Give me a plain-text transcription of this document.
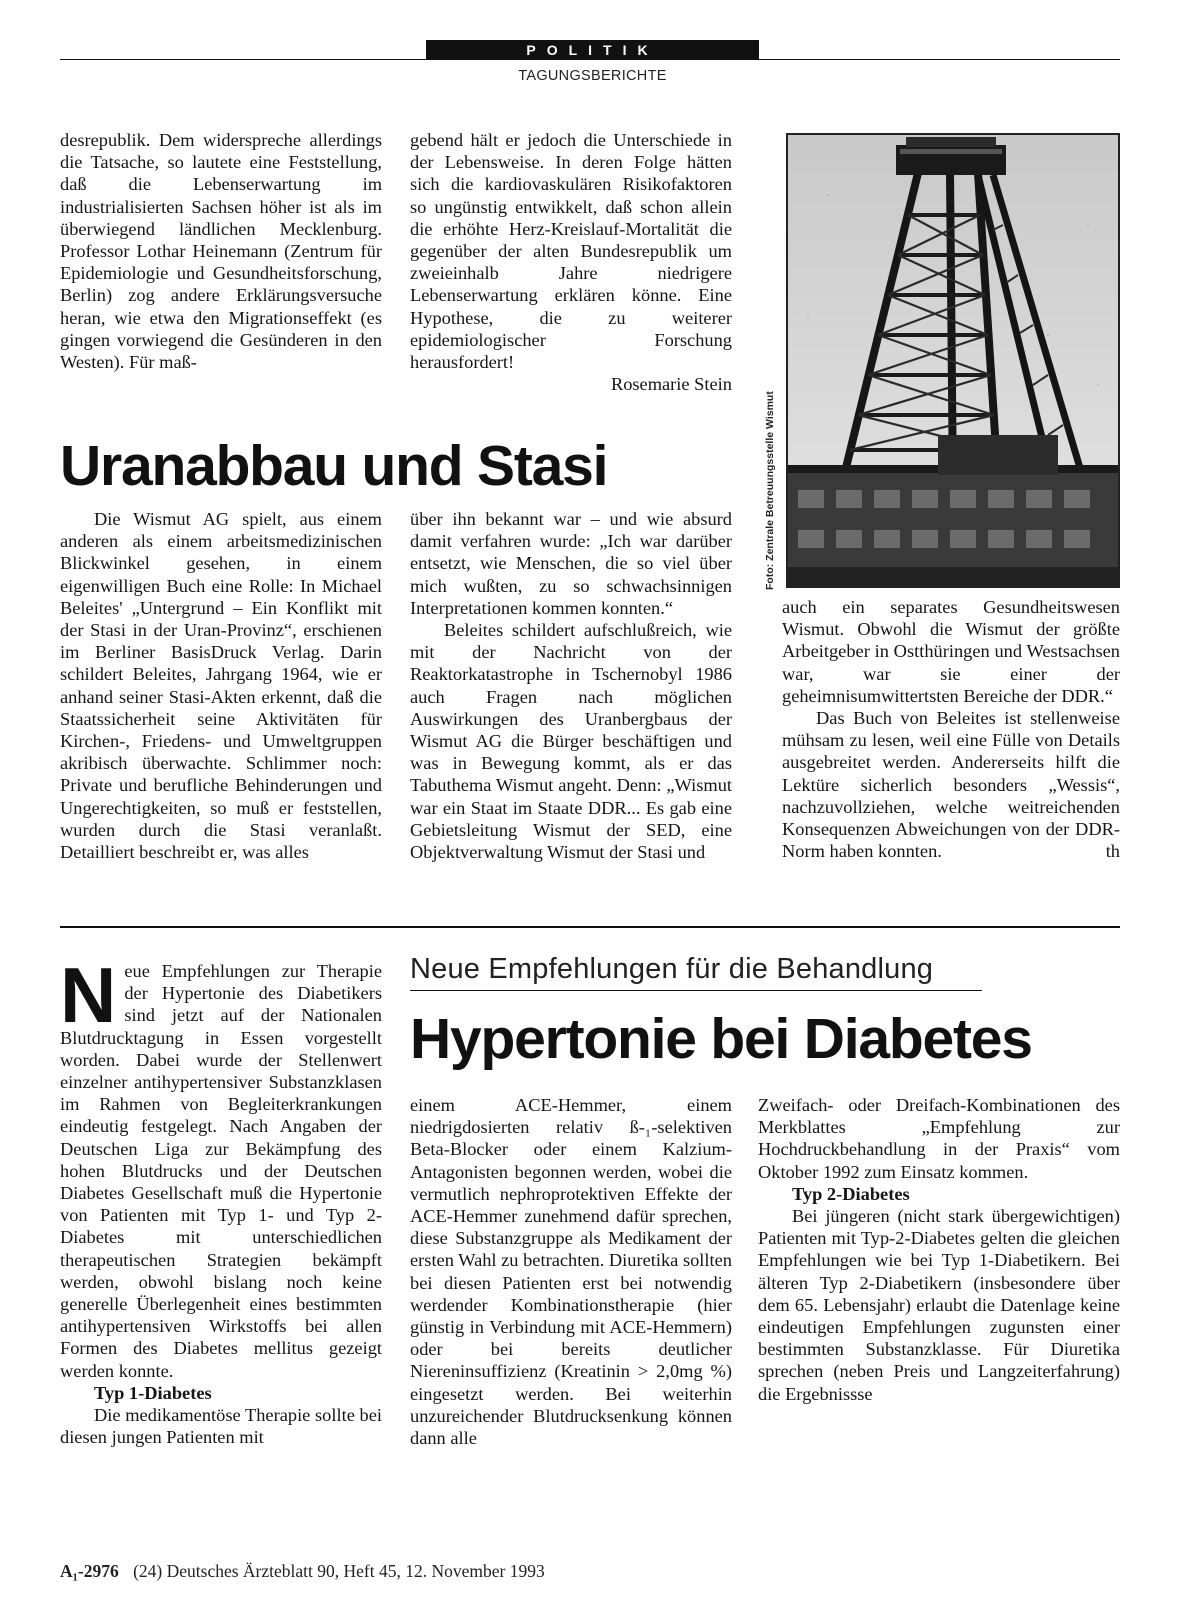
POLITIK
TAGUNGSBERICHTE

desrepublik. Dem widerspreche allerdings die Tatsache, so lautete eine Feststellung, daß die Lebenserwartung im industrialisierten Sachsen höher ist als im überwiegend ländlichen Mecklenburg. Professor Lothar Heinemann (Zentrum für Epidemiologie und Gesundheitsforschung, Berlin) zog andere Erklärungsversuche heran, wie etwa den Migrationseffekt (es gingen vorwiegend die Gesünderen in den Westen). Für maß-

gebend hält er jedoch die Unterschiede in der Lebensweise. In deren Folge hätten sich die kardiovaskulären Risikofaktoren so ungünstig entwikkelt, daß schon allein die erhöhte Herz-Kreislauf-Mortalität die gegenüber der alten Bundesrepublik um zweieinhalb Jahre niedrigere Lebenserwartung erklären könne. Eine Hypothese, die zu weiterer epidemiologischer Forschung herausfordert!

Rosemarie Stein

Foto: Zentrale Betreuungsstelle Wismut
Uranabbau und Stasi

Die Wismut AG spielt, aus einem anderen als einem arbeitsmedizinischen Blickwinkel gesehen, in einem eigenwilligen Buch eine Rolle: In Michael Beleites' „Untergrund – Ein Konflikt mit der Stasi in der Uran-Provinz“, erschienen im Berliner BasisDruck Verlag. Darin schildert Beleites, Jahrgang 1964, wie er anhand seiner Stasi-Akten erkennt, daß die Staatssicherheit seine Aktivitäten für Kirchen-, Friedens- und Umweltgruppen akribisch überwachte. Schlimmer noch: Private und berufliche Behinderungen und Ungerechtigkeiten, so muß er feststellen, wurden durch die Stasi veranlaßt. Detailliert beschreibt er, was alles

über ihn bekannt war – und wie absurd damit verfahren wurde: „Ich war darüber entsetzt, wie Menschen, die so viel über mich wußten, zu so schwachsinnigen Interpretationen kommen konnten.“

Beleites schildert aufschlußreich, wie mit der Nachricht von der Reaktorkatastrophe in Tschernobyl 1986 auch Fragen nach möglichen Auswirkungen des Uranbergbaus der Wismut AG die Bürger beschäftigen und was in Bewegung kommt, als er das Tabuthema Wismut angeht. Denn: „Wismut war ein Staat im Staate DDR... Es gab eine Gebietsleitung Wismut der SED, eine Objektverwaltung Wismut der Stasi und

auch ein separates Gesundheitswesen Wismut. Obwohl die Wismut der größte Arbeitgeber in Ostthüringen und Westsachsen war, war sie einer der geheimnisumwittertsten Bereiche der DDR.“

Das Buch von Beleites ist stellenweise mühsam zu lesen, weil eine Fülle von Details ausgebreitet werden. Andererseits hilft die Lektüre sicherlich besonders „Wessis“, nachzuvollziehen, welche weitreichenden Konsequenzen Abweichungen von der DDR-Norm haben konnten.	th

Neue Empfehlungen für die Behandlung
Hypertonie bei Diabetes
N eue Empfehlungen zur Therapie der Hypertonie des Diabetikers sind jetzt auf der Nationalen Blutdrucktagung in Essen vorgestellt worden. Dabei wurde der Stellenwert einzelner antihypertensiver Substanzklasen im Rahmen von Begleiterkrankungen eindeutig festgelegt. Nach Angaben der Deutschen Liga zur Bekämpfung des hohen Blutdrucks und der Deutschen Diabetes Gesellschaft muß die Hypertonie von Patienten mit Typ 1- und Typ 2-Diabetes mit unterschiedlichen therapeutischen Strategien bekämpft werden, obwohl bislang noch keine generelle Überlegenheit eines bestimmten antihypertensiven Wirkstoffs bei allen Formen des Diabetes mellitus gezeigt werden konnte.

Typ 1-Diabetes

Die medikamentöse Therapie sollte bei diesen jungen Patienten mit

einem ACE-Hemmer, einem niedrigdosierten relativ ß-₁-selektiven Beta-Blocker oder einem Kalzium-Antagonisten begonnen werden, wobei die vermutlich nephroprotektiven Effekte der ACE-Hemmer zunehmend dafür sprechen, diese Substanzgruppe als Medikament der ersten Wahl zu betrachten. Diuretika sollten bei diesen Patienten erst bei notwendig werdender Kombinationstherapie (hier günstig in Verbindung mit ACE-Hemmern) oder bei bereits deutlicher Niereninsuffizienz (Kreatinin > 2,0mg %) eingesetzt werden. Bei weiterhin unzureichender Blutdrucksenkung können dann alle

Zweifach- oder Dreifach-Kombinationen des Merkblattes „Empfehlung zur Hochdruckbehandlung in der Praxis“ vom Oktober 1992 zum Einsatz kommen.

Typ 2-Diabetes

Bei jüngeren (nicht stark übergewichtigen) Patienten mit Typ-2-Diabetes gelten die gleichen Empfehlungen wie bei Typ 1-Diabetikern. Bei älteren Typ 2-Diabetikern (insbesondere über dem 65. Lebensjahr) erlaubt die Datenlage keine eindeutigen Empfehlungen zugunsten einer bestimmten Substanzklasse. Für Diuretika sprechen (neben Preis und Langzeiterfahrung) die Ergebnissse

A₁-2976 (24) Deutsches Ärzteblatt 90, Heft 45, 12. November 1993
